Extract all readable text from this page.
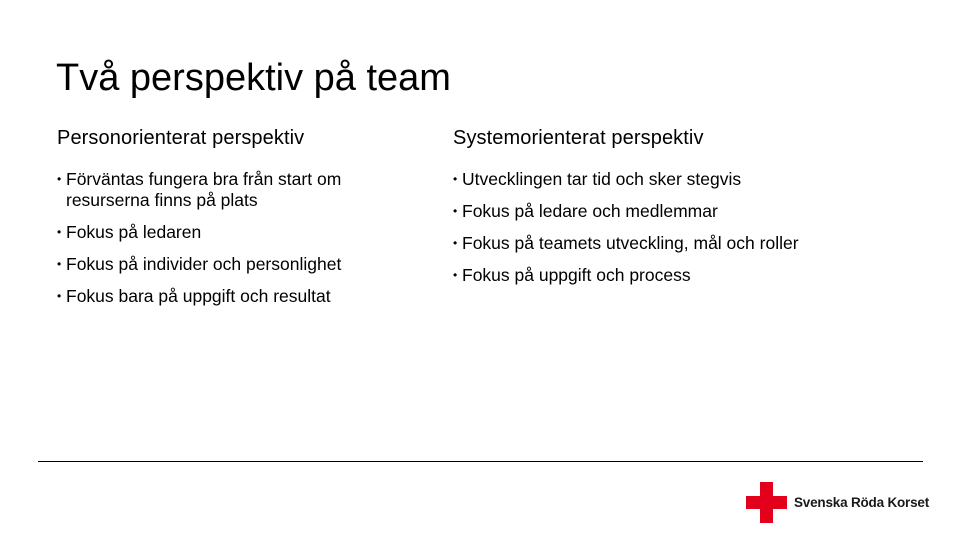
Två perspektiv på team
Personorienterat perspektiv
• Förväntas fungera bra från start om resurserna finns på plats
• Fokus på ledaren
• Fokus på individer och personlighet
• Fokus bara på uppgift och resultat
Systemorienterat perspektiv
• Utvecklingen tar tid och sker stegvis
• Fokus på ledare och medlemmar
• Fokus på teamets utveckling, mål och roller
• Fokus på uppgift och process
Svenska Röda Korset
